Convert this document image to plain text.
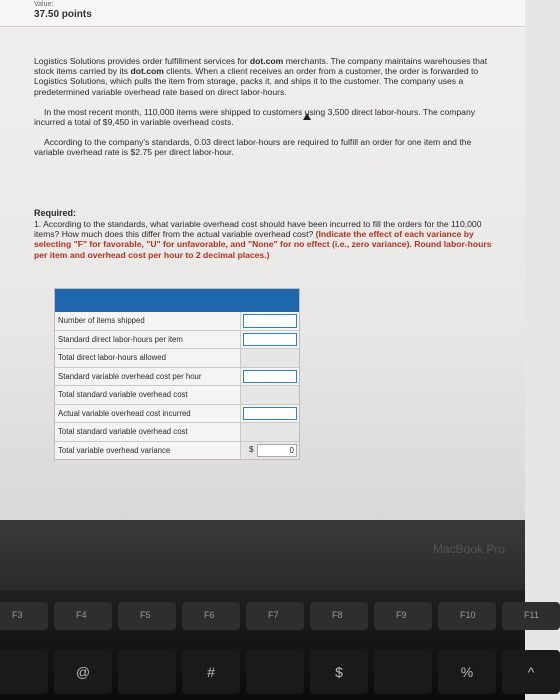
Value:
37.50 points

Logistics Solutions provides order fulfillment services for dot.com merchants. The company maintains warehouses that stock items carried by its dot.com clients. When a client receives an order from a customer, the order is forwarded to Logistics Solutions, which pulls the item from storage, packs it, and ships it to the customer. The company uses a predetermined variable overhead rate based on direct labor-hours.

In the most recent month, 110,000 items were shipped to customers using 3,500 direct labor-hours. The company incurred a total of $9,450 in variable overhead costs.

According to the company's standards, 0.03 direct labor-hours are required to fulfill an order for one item and the variable overhead rate is $2.75 per direct labor-hour.

Required:
1. According to the standards, what variable overhead cost should have been incurred to fill the orders for the 110,000 items? How much does this differ from the actual variable overhead cost? (Indicate the effect of each variance by selecting "F" for favorable, "U" for unfavorable, and "None" for no effect (i.e., zero variance). Round labor-hours per item and overhead cost per hour to 2 decimal places.)
Number of items shipped
Standard direct labor-hours per item
Total direct labor-hours allowed
Standard variable overhead cost per hour
Total standard variable overhead cost
Actual variable overhead cost incurred
Total standard variable overhead cost
Total variable overhead variance	$	0
MacBook Pro
F3	F4	F5	F6	F7	F8	F9	F10	F11
@	#	$	%	^
